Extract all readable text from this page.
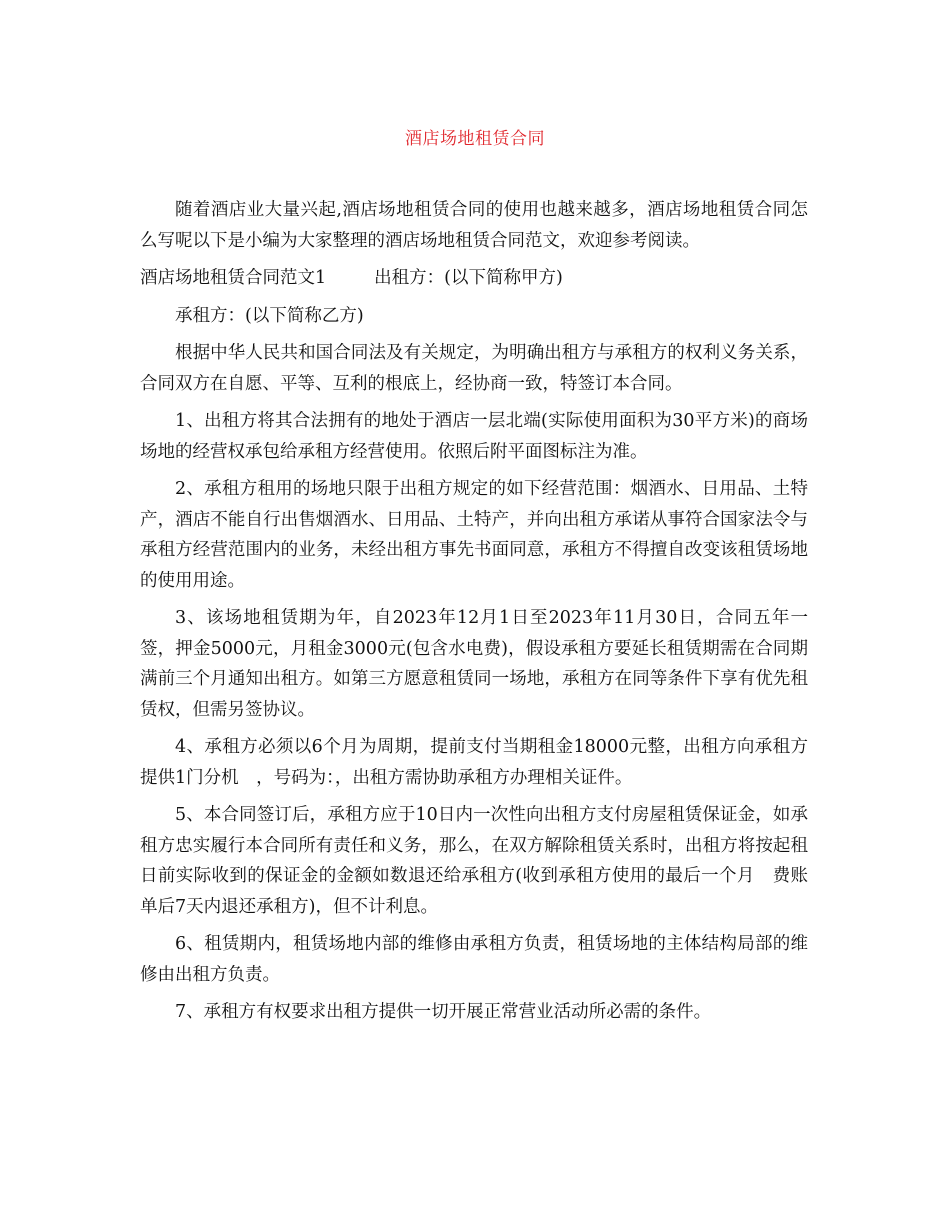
酒店场地租赁合同

随着酒店业大量兴起,酒店场地租赁合同的使用也越来越多，酒店场地租赁合同怎么写呢以下是小编为大家整理的酒店场地租赁合同范文，欢迎参考阅读。

酒店场地租赁合同范文1	出租方：(以下简称甲方)

承租方：(以下简称乙方)

根据中华人民共和国合同法及有关规定，为明确出租方与承租方的权利义务关系，合同双方在自愿、平等、互利的根底上，经协商一致，特签订本合同。

1、出租方将其合法拥有的地处于酒店一层北端(实际使用面积为30平方米)的商场场地的经营权承包给承租方经营使用。依照后附平面图标注为准。

2、承租方租用的场地只限于出租方规定的如下经营范围：烟酒水、日用品、土特产，酒店不能自行出售烟酒水、日用品、土特产，并向出租方承诺从事符合国家法令与承租方经营范围内的业务，未经出租方事先书面同意，承租方不得擅自改变该租赁场地的使用用途。

3、该场地租赁期为年，自2023年12月1日至2023年11月30日，合同五年一签，押金5000元，月租金3000元(包含水电费)，假设承租方要延长租赁期需在合同期满前三个月通知出租方。如第三方愿意租赁同一场地，承租方在同等条件下享有优先租赁权，但需另签协议。

4、承租方必须以6个月为周期，提前支付当期租金18000元整，出租方向承租方提供1门分机　，号码为：，出租方需协助承租方办理相关证件。

5、本合同签订后，承租方应于10日内一次性向出租方支付房屋租赁保证金，如承租方忠实履行本合同所有责任和义务，那么，在双方解除租赁关系时，出租方将按起租日前实际收到的保证金的金额如数退还给承租方(收到承租方使用的最后一个月　费账单后7天内退还承租方)，但不计利息。

6、租赁期内，租赁场地内部的维修由承租方负责，租赁场地的主体结构局部的维修由出租方负责。

7、承租方有权要求出租方提供一切开展正常营业活动所必需的条件。
